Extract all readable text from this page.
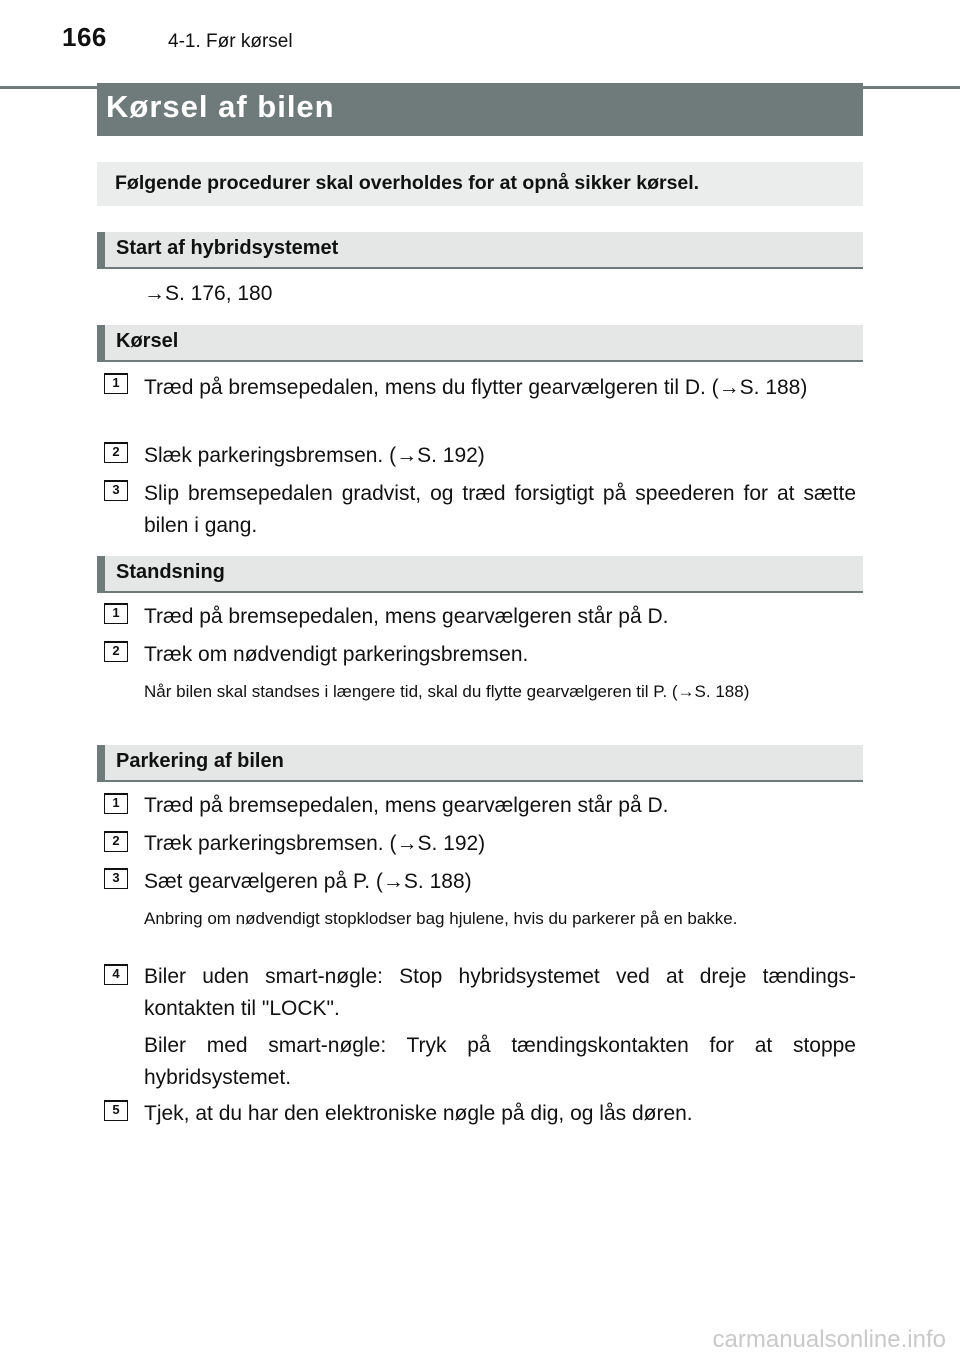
166	4-1. Før kørsel
Kørsel af bilen
Følgende procedurer skal overholdes for at opnå sikker kørsel.
Start af hybridsystemet
→S. 176, 180
Kørsel
1	Træd på bremsepedalen, mens du flytter gearvælgeren til D. (→S. 188)
2	Slæk parkeringsbremsen. (→S. 192)
3	Slip bremsepedalen gradvist, og træd forsigtigt på speederen for at sætte bilen i gang.
Standsning
1	Træd på bremsepedalen, mens gearvælgeren står på D.
2	Træk om nødvendigt parkeringsbremsen.
Når bilen skal standses i længere tid, skal du flytte gearvælgeren til P. (→S. 188)
Parkering af bilen
1	Træd på bremsepedalen, mens gearvælgeren står på D.
2	Træk parkeringsbremsen. (→S. 192)
3	Sæt gearvælgeren på P. (→S. 188)
Anbring om nødvendigt stopklodser bag hjulene, hvis du parkerer på en bakke.
4	Biler uden smart-nøgle: Stop hybridsystemet ved at dreje tændingskontakten til "LOCK".
Biler med smart-nøgle: Tryk på tændingskontakten for at stoppe hybridsystemet.
5	Tjek, at du har den elektroniske nøgle på dig, og lås døren.
carmanualsonline.info
